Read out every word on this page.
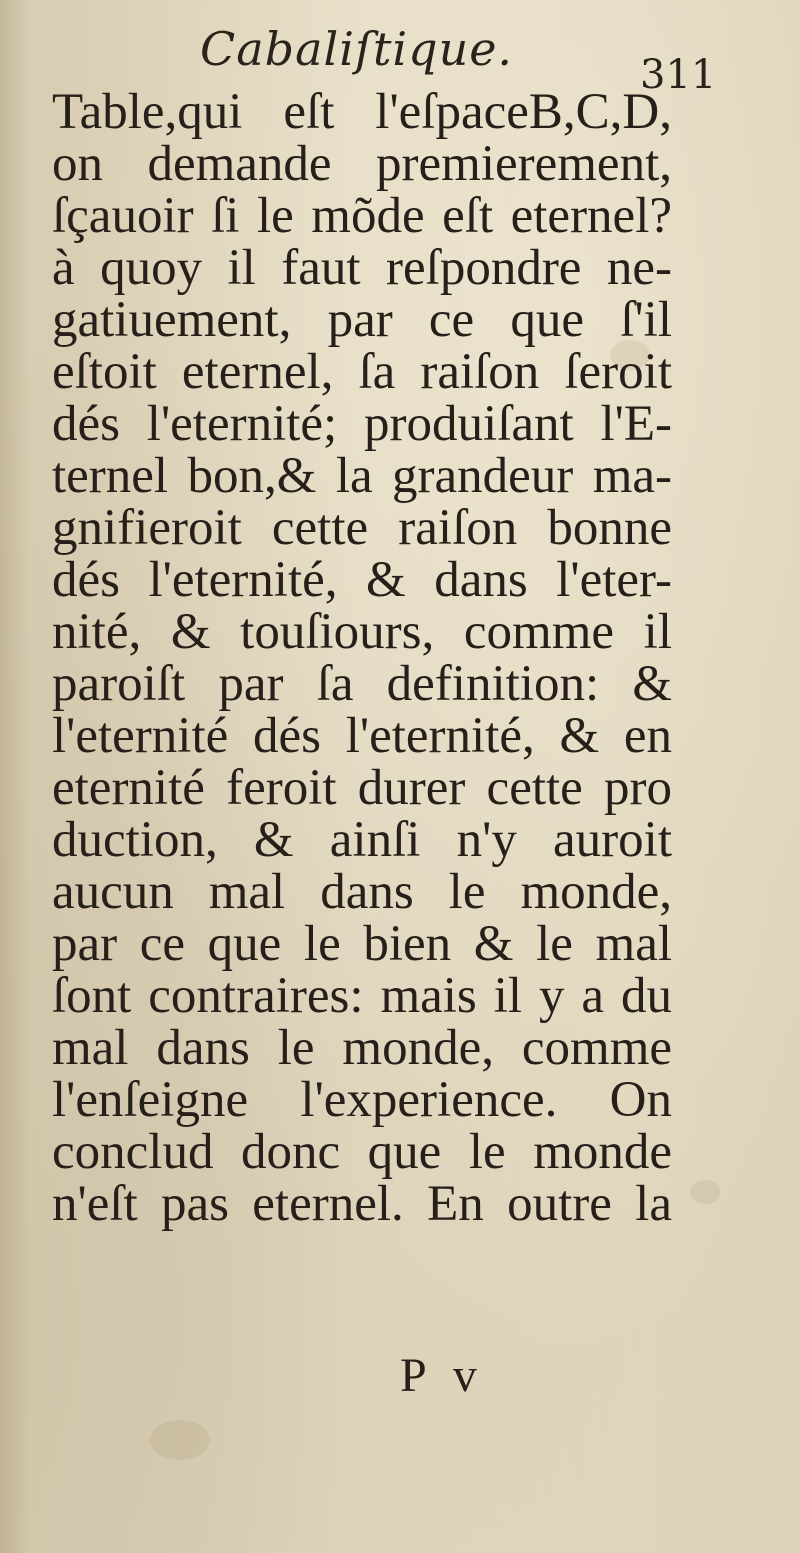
Cabaliſtique.	311
Table,qui eſt l'eſpaceB,C,D,
on demande premierement,
ſçauoir ſi le mõde eſt eternel?
à quoy il faut reſpondre ne-
gatiuement, par ce que ſ'il
eſtoit eternel, ſa raiſon ſeroit
dés l'eternité; produiſant l'E-
ternel bon,& la grandeur ma-
gnifieroit cette raiſon bonne
dés l'eternité, & dans l'eter-
nité, & touſiours, comme il
paroiſt par ſa definition: &
l'eternité dés l'eternité, & en
eternité feroit durer cette pro
duction, & ainſi n'y auroit
aucun mal dans le monde,
par ce que le bien & le mal
ſont contraires: mais il y a du
mal dans le monde, comme
l'enſeigne l'experience. On
conclud donc que le monde
n'eſt pas eternel. En outre la
P v
